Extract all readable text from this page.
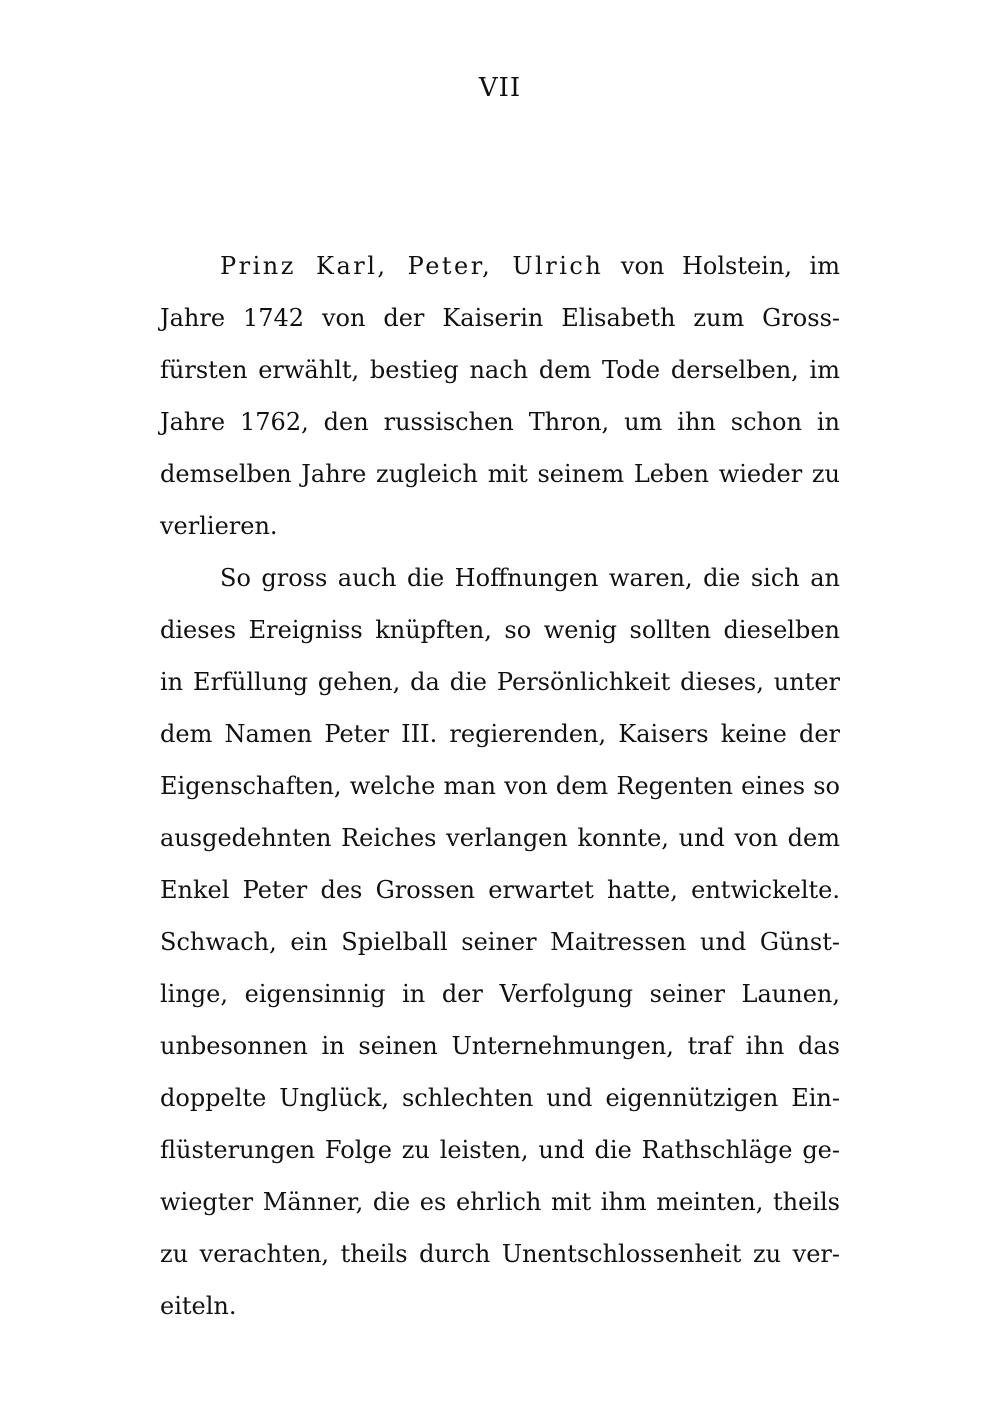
VII

Prinz Karl, Peter, Ulrich von Holstein, im Jahre 1742 von der Kaiserin Elisabeth zum Grossfürsten erwählt, bestieg nach dem Tode derselben, im Jahre 1762, den russischen Thron, um ihn schon in demselben Jahre zugleich mit seinem Leben wieder zu verlieren.

So gross auch die Hoffnungen waren, die sich an dieses Ereigniss knüpften, so wenig sollten dieselben in Erfüllung gehen, da die Persönlichkeit dieses, unter dem Namen Peter III. regierenden, Kaisers keine der Eigenschaften, welche man von dem Regenten eines so ausgedehnten Reiches verlangen konnte, und von dem Enkel Peter des Grossen erwartet hatte, entwickelte. Schwach, ein Spielball seiner Maitressen und Günstlinge, eigensinnig in der Verfolgung seiner Launen, unbesonnen in seinen Unternehmungen, traf ihn das doppelte Unglück, schlechten und eigennützigen Einflüsterungen Folge zu leisten, und die Rathschläge gewiegter Männer, die es ehrlich mit ihm meinten, theils zu verachten, theils durch Unentschlossenheit zu vereiteln.
